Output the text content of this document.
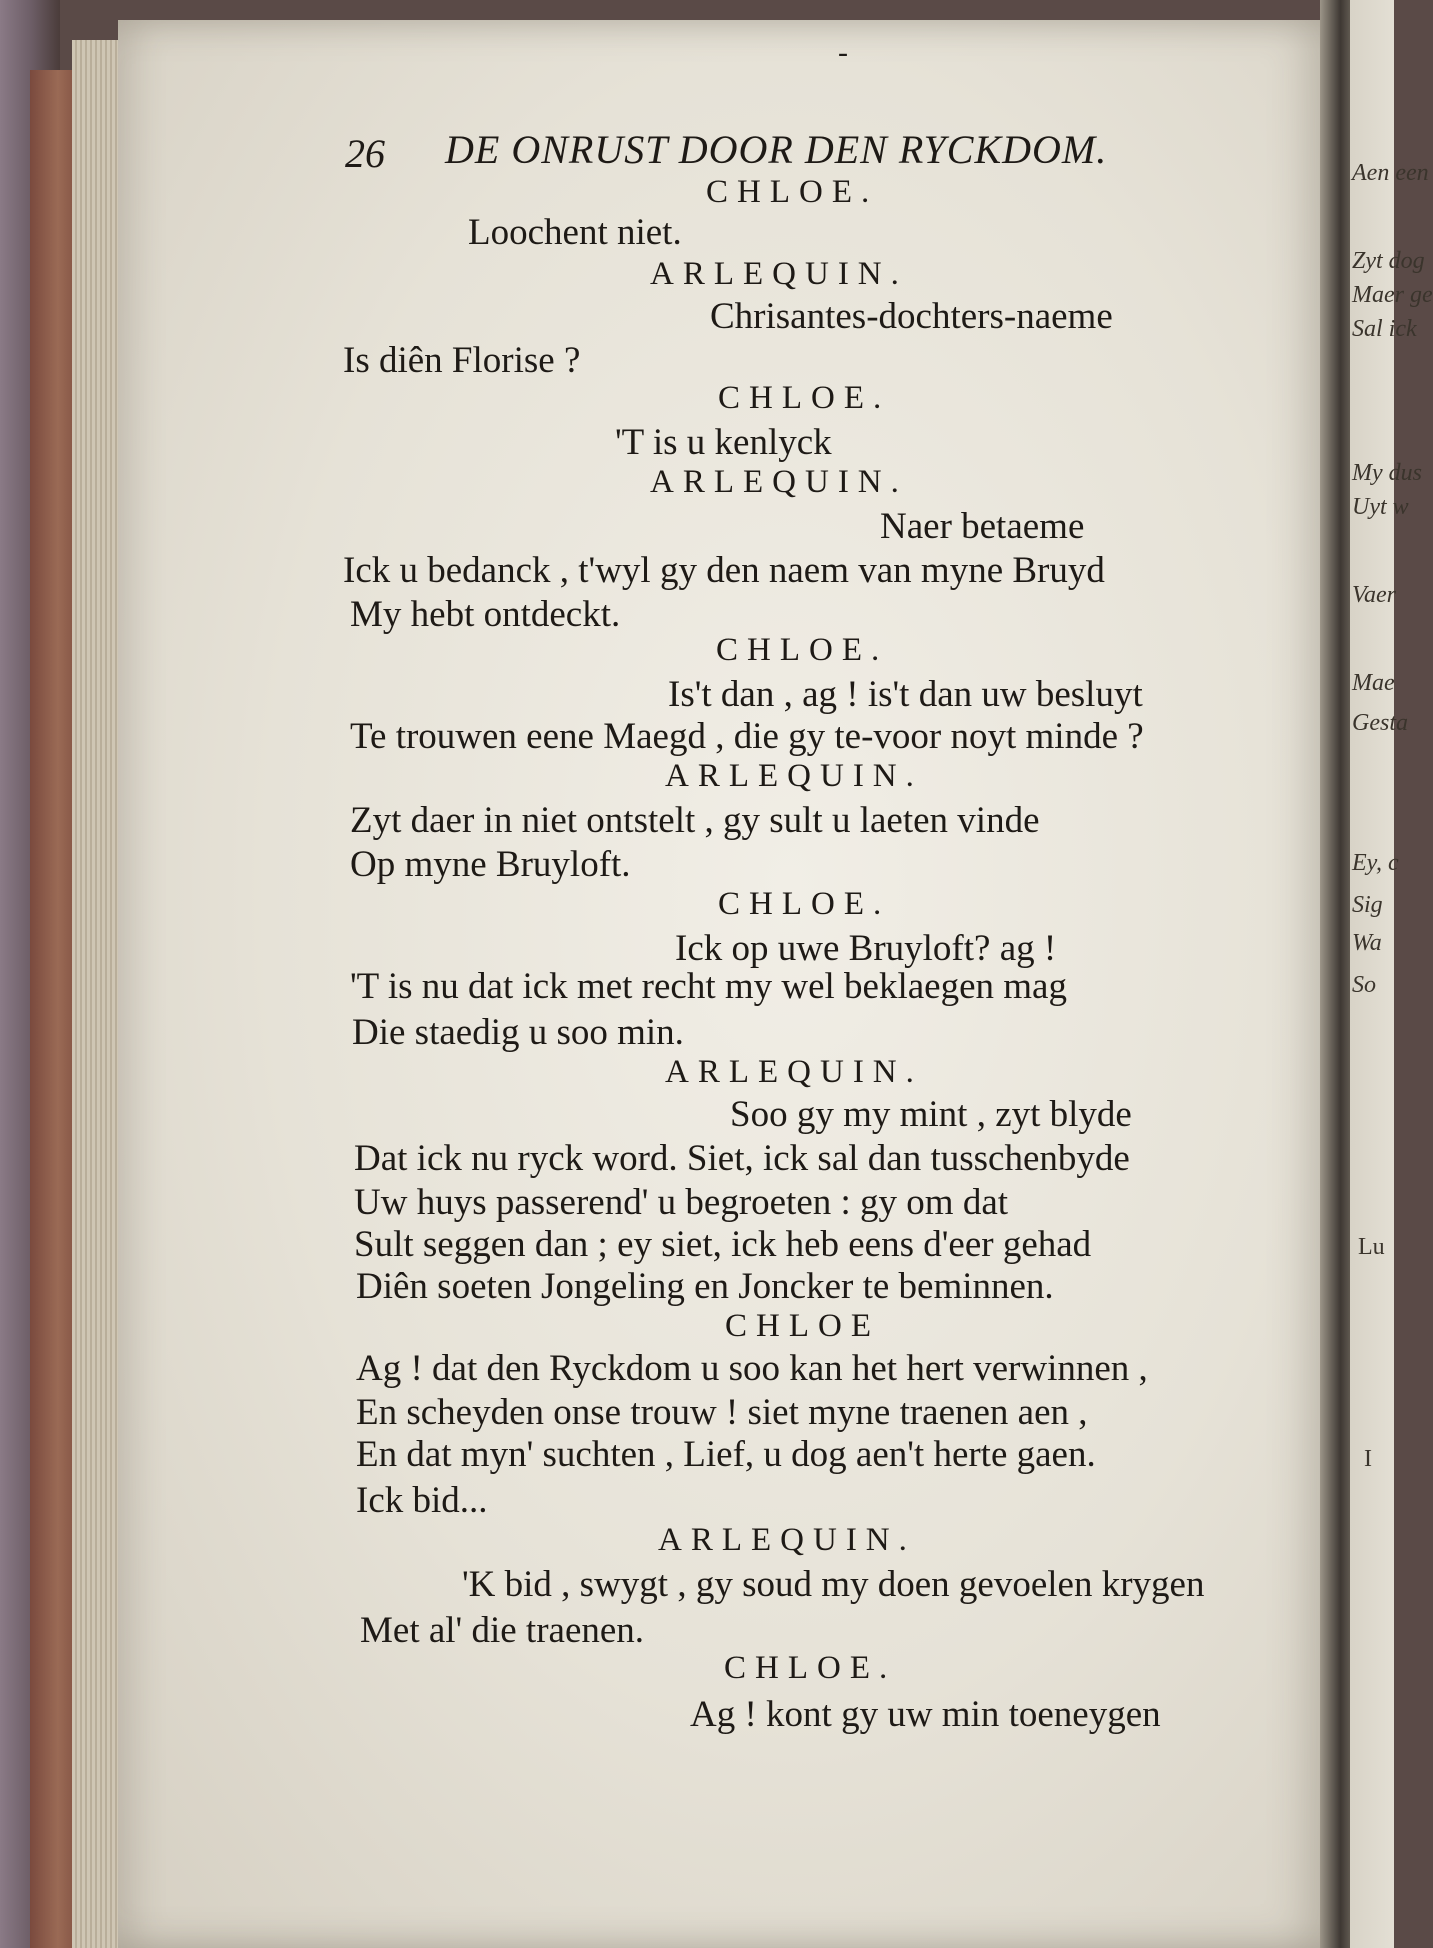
26 DE ONRUST DOOR DEN RYCKDOM.
CHLOE.
Loochent niet.
ARLEQUIN.
Chrisantes-dochters-naeme
Is diên Florise ?
CHLOE.
'T is u kenlyck
ARLEQUIN.
Naer betaeme
Ick u bedanck , t'wyl gy den naem van myne Bruyd
My hebt ontdeckt.
CHLOE.
Is't dan , ag ! is't dan uw besluyt
Te trouwen eene Maegd , die gy te-voor noyt minde ?
ARLEQUIN.
Zyt daer in niet ontstelt , gy sult u laeten vinde
Op myne Bruyloft.
CHLOE.
Ick op uwe Bruyloft? ag !
'T is nu dat ick met recht my wel beklaegen mag
Die staedig u soo min.
ARLEQUIN.
Soo gy my mint , zyt blyde
Dat ick nu ryck word. Siet, ick sal dan tusschenbyde
Uw huys passerend' u begroeten : gy om dat
Sult seggen dan ; ey siet, ick heb eens d'eer gehad
Diên soeten Jongeling en Joncker te beminnen.
CHLOE
Ag ! dat den Ryckdom u soo kan het hert verwinnen ,
En scheyden onse trouw ! siet myne traenen aen ,
En dat myn' suchten , Lief, u dog aen't herte gaen.
Ick bid...
ARLEQUIN.
'K bid , swygt , gy soud my doen gevoelen krygen
Met al' die traenen.
CHLOE.
Ag ! kont gy uw min toeneygen
-
Aen een
Zyt dog
Maer ge
Sal ick
My dus
Uyt w
Vaer
Mae
Gesta
Ey, c
Sig
Wa
So
Lu
I
